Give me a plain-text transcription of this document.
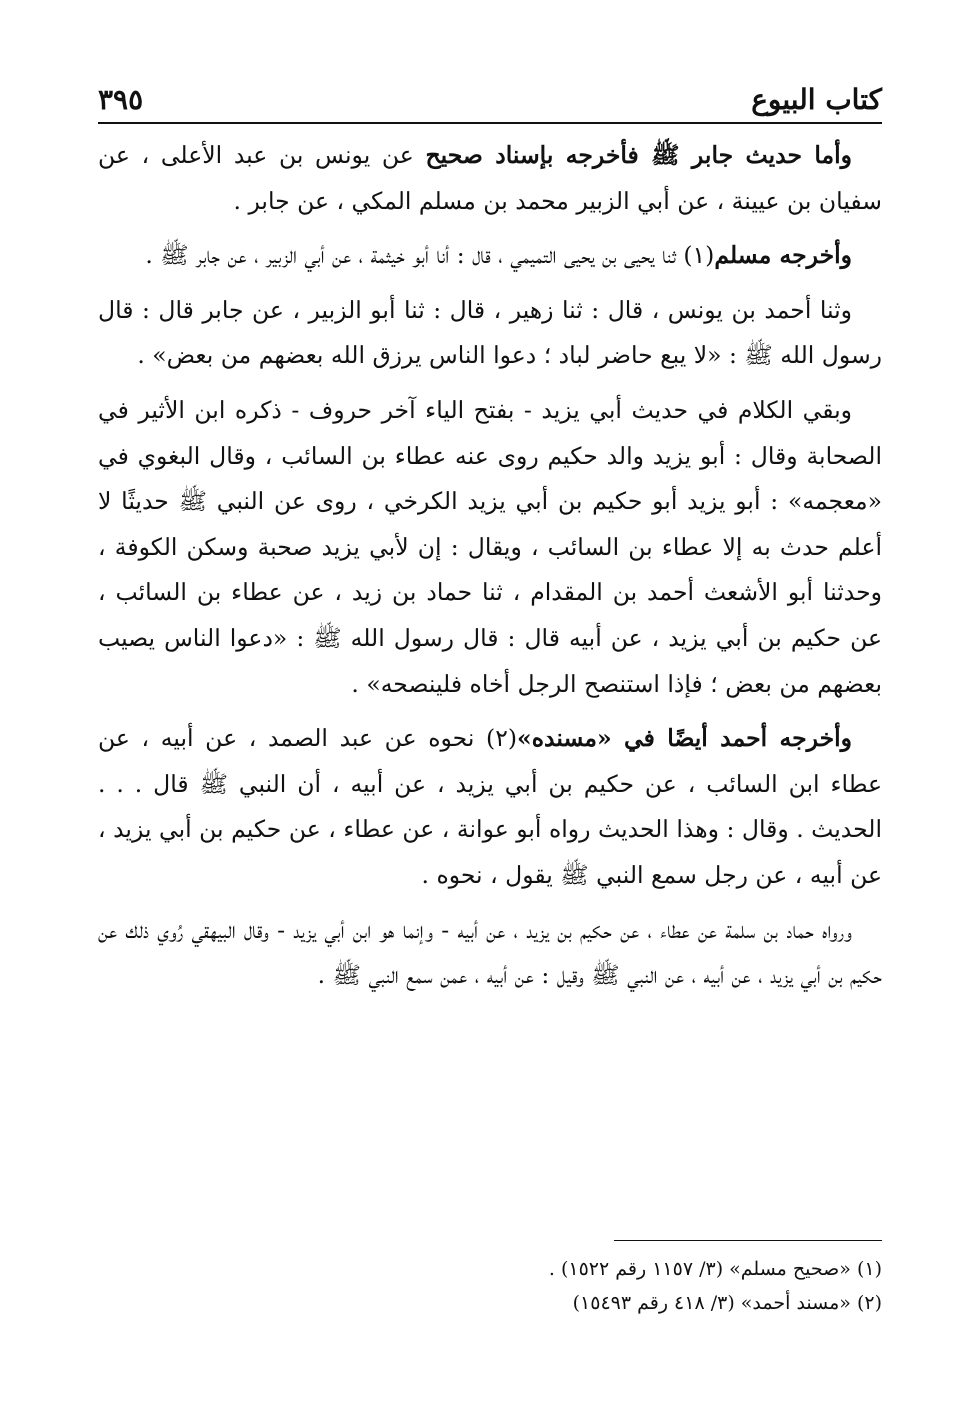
كتاب البيوع
٣٩٥

وأما حديث جابر ﷺ فأخرجه بإسناد صحيح عن يونس بن عبد الأعلى ، عن سفيان بن عيينة ، عن أبي الزبير محمد بن مسلم المكي ، عن جابر .

وأخرجه مسلم(١) ثنا يحيى بن يحيى التميمي ، قال : أنا أبو خيثمة ، عن أبي الزبير ، عن جابر ﷺ .

وثنا أحمد بن يونس ، قال : ثنا زهير ، قال : ثنا أبو الزبير ، عن جابر قال : قال رسول الله ﷺ : «لا يبع حاضر لباد ؛ دعوا الناس يرزق الله بعضهم من بعض» .

وبقي الكلام في حديث أبي يزيد - بفتح الياء آخر حروف - ذكره ابن الأثير في الصحابة وقال : أبو يزيد والد حكيم روى عنه عطاء بن السائب ، وقال البغوي في «معجمه» : أبو يزيد أبو حكيم بن أبي يزيد الكرخي ، روى عن النبي ﷺ حديثًا لا أعلم حدث به إلا عطاء بن السائب ، ويقال : إن لأبي يزيد صحبة وسكن الكوفة ، وحدثنا أبو الأشعث أحمد بن المقدام ، ثنا حماد بن زيد ، عن عطاء بن السائب ، عن حكيم بن أبي يزيد ، عن أبيه قال : قال رسول الله ﷺ : «دعوا الناس يصيب بعضهم من بعض ؛ فإذا استنصح الرجل أخاه فلينصحه» .

وأخرجه أحمد أيضًا في «مسنده»(٢) نحوه عن عبد الصمد ، عن أبيه ، عن عطاء ابن السائب ، عن حكيم بن أبي يزيد ، عن أبيه ، أن النبي ﷺ قال . . . الحديث . وقال : وهذا الحديث رواه أبو عوانة ، عن عطاء ، عن حكيم بن أبي يزيد ، عن أبيه ، عن رجل سمع النبي ﷺ يقول ، نحوه .

ورواه حماد بن سلمة عن عطاء ، عن حكيم بن يزيد ، عن أبيه - وإنما هو ابن أبي يزيد - وقال البيهقي رُوي ذلك عن حكيم بن أبي يزيد ، عن أبيه ، عن النبي ﷺ وقيل : عن أبيه ، عمن سمع النبي ﷺ .

(١) «صحيح مسلم» (٣/ ١١٥٧ رقم ١٥٢٢) .
(٢) «مسند أحمد» (٣/ ٤١٨ رقم ١٥٤٩٣)
